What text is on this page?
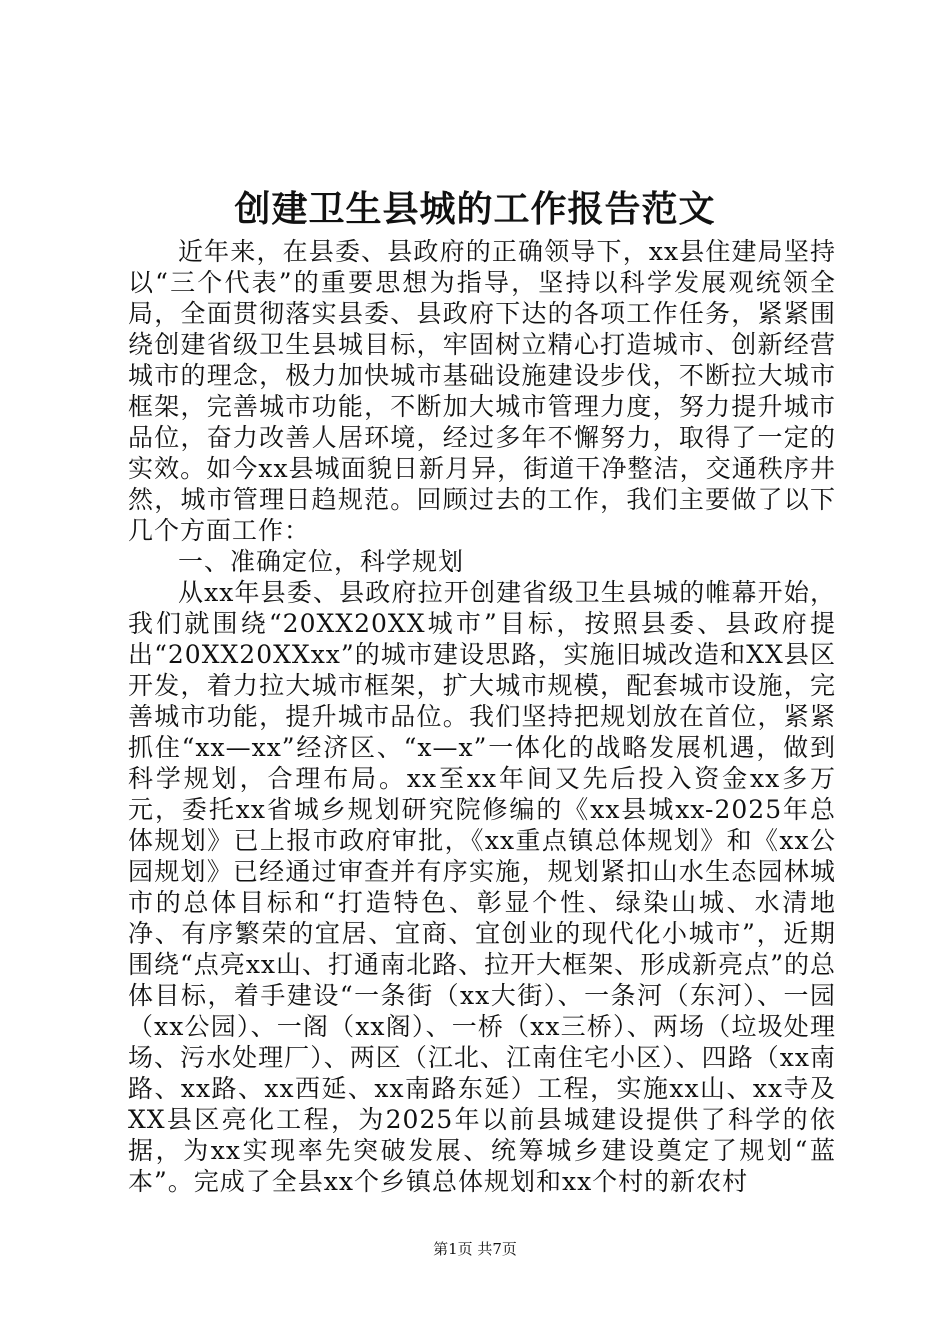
创建卫生县城的工作报告范文

近年来，在县委、县政府的正确领导下，xx县住建局坚持以“三个代表”的重要思想为指导，坚持以科学发展观统领全局，全面贯彻落实县委、县政府下达的各项工作任务，紧紧围绕创建省级卫生县城目标，牢固树立精心打造城市、创新经营城市的理念，极力加快城市基础设施建设步伐，不断拉大城市框架，完善城市功能，不断加大城市管理力度，努力提升城市品位，奋力改善人居环境，经过多年不懈努力，取得了一定的实效。如今xx县城面貌日新月异，街道干净整洁，交通秩序井然，城市管理日趋规范。回顾过去的工作，我们主要做了以下几个方面工作：

一、准确定位，科学规划

从xx年县委、县政府拉开创建省级卫生县城的帷幕开始，我们就围绕“20XX20XX城市”目标，按照县委、县政府提出“20XX20XXxx”的城市建设思路，实施旧城改造和XX县区开发，着力拉大城市框架，扩大城市规模，配套城市设施，完善城市功能，提升城市品位。我们坚持把规划放在首位，紧紧抓住“xx—xx”经济区、“x—x”一体化的战略发展机遇，做到科学规划，合理布局。xx至xx年间又先后投入资金xx多万元，委托xx省城乡规划研究院修编的《xx县城xx-2025年总体规划》已上报市政府审批，《xx重点镇总体规划》和《xx公园规划》已经通过审查并有序实施，规划紧扣山水生态园林城市的总体目标和“打造特色、彰显个性、绿染山城、水清地净、有序繁荣的宜居、宜商、宜创业的现代化小城市”，近期围绕“点亮xx山、打通南北路、拉开大框架、形成新亮点”的总体目标，着手建设“一条街（xx大街）、一条河（东河）、一园（xx公园）、一阁（xx阁）、一桥（xx三桥）、两场（垃圾处理场、污水处理厂）、两区（江北、江南住宅小区）、四路（xx南路、xx路、xx西延、xx南路东延）工程，实施xx山、xx寺及XX县区亮化工程，为2025年以前县城建设提供了科学的依据，为xx实现率先突破发展、统筹城乡建设奠定了规划“蓝本”。完成了全县xx个乡镇总体规划和xx个村的新农村

第1页 共7页
